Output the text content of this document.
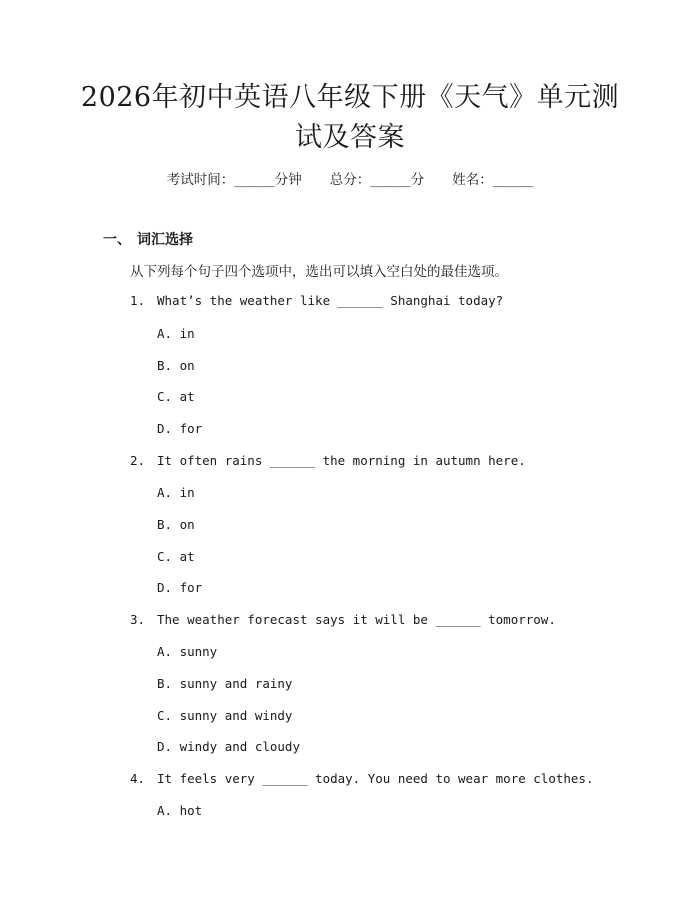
2026年初中英语八年级下册《天气》单元测试及答案
考试时间：______分钟 总分：______分 姓名：______
一、 词汇选择
从下列每个句子四个选项中，选出可以填入空白处的最佳选项。
1. What’s the weather like ______ Shanghai today?
A. in
B. on
C. at
D. for
2. It often rains ______ the morning in autumn here.
A. in
B. on
C. at
D. for
3. The weather forecast says it will be ______ tomorrow.
A. sunny
B. sunny and rainy
C. sunny and windy
D. windy and cloudy
4. It feels very ______ today. You need to wear more clothes.
A. hot
